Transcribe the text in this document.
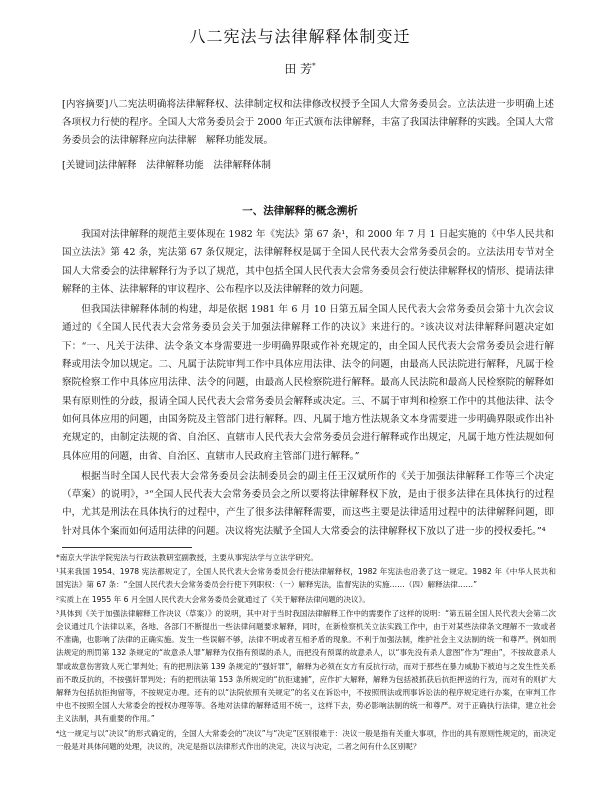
八二宪法与法律解释体制变迁
田 芳*
[内容摘要]八二宪法明确将法律解释权、法律制定权和法律修改权授予全国人大常务委员会。立法法进一步明确上述各项权力行使的程序。全国人大常务委员会于 2000 年正式颁布法律解释，丰富了我国法律解释的实践。全国人大常务委员会的法律解释应向法律解　解释功能发展。
[关键词]法律解释　法律解释功能　法律解释体制
一、法律解释的概念溯析

我国对法律解释的规范主要体现在 1982 年《宪法》第 67 条¹，和 2000 年 7 月 1 日起实施的《中华人民共和国立法法》第 42 条，宪法第 67 条仅规定，法律解释权是属于全国人民代表大会常务委员会的。立法法用专节对全国人大常委会的法律解释行为予以了规范，其中包括全国人民代表大会常务委员会行使法律解释权的情形、提请法律解释的主体、法律解释的审议程序、公布程序以及法律解释的效力问题。

但我国法律解释体制的构建，却是依据 1981 年 6 月 10 日第五届全国人民代表大会常务委员会第十九次会议通过的《全国人民代表大会常务委员会关于加强法律解释工作的决议》来进行的。²该决议对法律解释问题决定如下：“一、凡关于法律、法令条文本身需要进一步明确界限或作补充规定的，由全国人民代表大会常务委员会进行解释或用法令加以规定。二、凡属于法院审判工作中具体应用法律、法令的问题，由最高人民法院进行解释，凡属于检察院检察工作中具体应用法律、法令的问题，由最高人民检察院进行解释。最高人民法院和最高人民检察院的解释如果有原则性的分歧，报请全国人民代表大会常务委员会解释或决定。三、不属于审判和检察工作中的其他法律、法令如何具体应用的问题，由国务院及主管部门进行解释。四、凡属于地方性法规条文本身需要进一步明确界限或作出补充规定的，由制定法规的省、自治区、直辖市人民代表大会常务委员会进行解释或作出规定，凡属于地方性法规如何具体应用的问题，由省、自治区、直辖市人民政府主管部门进行解释。”

根据当时全国人民代表大会常务委员会法制委员会的副主任王汉斌所作的《关于加强法律解释工作等三个决定（草案）的说明》，³“全国人民代表大会常务委员会之所以要将法律解释权下放，是由于很多法律在具体执行的过程中，尤其是刑法在具体执行的过程中，产生了很多法律解释需要，而这些主要是法律适用过程中的法律解释问题，即针对具体个案而如何适用法律的问题。决议将宪法赋予全国人大常委会的法律解释权下放以了进一步的授权委托。”⁴

*南京大学法学院宪法与行政法教研室副教授，主要从事宪法学与立法学研究。

¹其来我国 1954、1978 宪法都规定了，全国人民代表大会常务委员会行使法律解释权，1982 年宪法也沿袭了这一规定。1982 年《中华人民共和国宪法》第 67 条：“全国人民代表大会常务委员会行使下列职权：（一）解释宪法，监督宪法的实施……（四）解释法律……”

²实质上在 1955 年 6 月全国人民代表大会常务委员会就通过了《关于解释法律问题的决议》。

³具体到《关于加强法律解释工作决议（草案）》的说明，其中对于当时我国法律解释工作中的需要作了这样的说明：“第五届全国人民代表大会第二次会议通过几个法律以来，各地、各部门不断提出一些法律问题要求解释，同时，在新检察机关立法实践工作中，由于对某些法律条文理解不一致或者不准确，也影响了法律的正确实施。发生一些误解不够，法律不明或者互相矛盾的现象。不利于加强法制，维护社会主义法制的统一和尊严。例如刑法规定的刑罚第 132 条规定的“故意杀人罪”解释为仅指有预谋的杀人，而把没有预谋的故意杀人，以“事先没有杀人意图”作为“理由”，不按故意杀人罪或故意伤害致人死亡罪判处；有的把刑法第 139 条规定的“强奸罪”，解释为必须在女方有反抗行动，而对于那些在暴力威胁下被迫与之发生性关系而不敢反抗的，不按强奸罪判处；有的把刑法第 153 条所规定的“抗拒逮捕”，应作扩大解释，解释为包括被抓获后抗拒押送的行为，而对有的则扩大解释为包括抗拒拘留等，不按规定办理。还有的以“法院依照有关规定”的名义在诉讼中，不按照刑法或刑事诉讼法的程序规定进行办案，在审判工作中也不按照全国人大常委会的授权办理等等。各地对法律的解释适用不统一，这样下去，势必影响法制的统一和尊严。对于正确执行法律，建立社会主义法制，具有重要的作用。”

⁴这一规定与以“决议”的形式确定的，全国人大常委会的“决议”与“决定”区别很难于：决议一般是指有关重大事项，作出的具有原则性规定的，而决定一般是对具体问题的处理，决议的，决定是指以法律形式作出的决定，决议与决定，二者之间有什么区别呢？
